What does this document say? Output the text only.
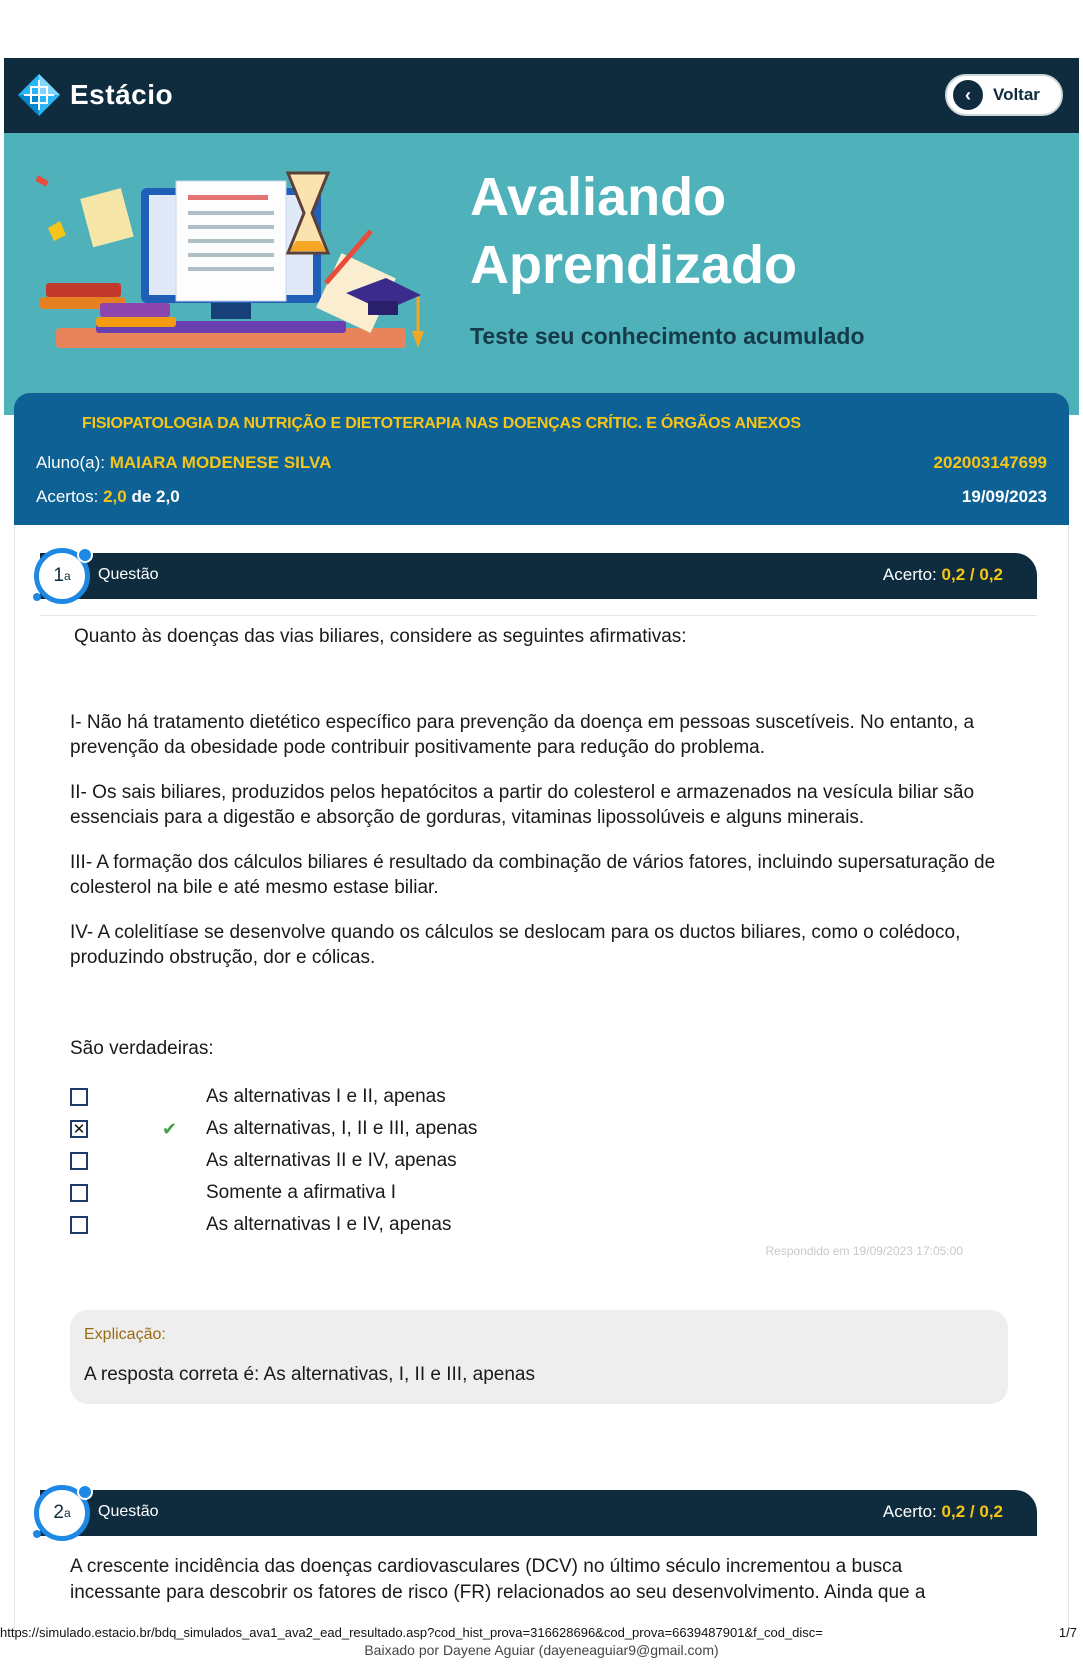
Estácio	‹	Voltar
Avaliando
Aprendizado
Teste seu conhecimento acumulado
FISIOPATOLOGIA DA NUTRIÇÃO E DIETOTERAPIA NAS DOENÇAS CRÍTIC. E ÓRGÃOS ANEXOS
Aluno(a): MAIARA MODENESE SILVA	202003147699
Acertos: 2,0 de 2,0	19/09/2023
Questão	Acerto: 0,2 / 0,2
1 a
Quanto às doenças das vias biliares, considere as seguintes afirmativas:
I- Não há tratamento dietético específico para prevenção da doença em pessoas suscetíveis. No entanto, a prevenção da obesidade pode contribuir positivamente para redução do problema.
II- Os sais biliares, produzidos pelos hepatócitos a partir do colesterol e armazenados na vesícula biliar são essenciais para a digestão e absorção de gorduras, vitaminas lipossolúveis e alguns minerais.
III- A formação dos cálculos biliares é resultado da combinação de vários fatores, incluindo supersaturação de colesterol na bile e até mesmo estase biliar.
IV- A colelitíase se desenvolve quando os cálculos se deslocam para os ductos biliares, como o colédoco, produzindo obstrução, dor e cólicas.
São verdadeiras:
As alternativas I e II, apenas
✕	✔ As alternativas, I, II e III, apenas
As alternativas II e IV, apenas
Somente a afirmativa I
As alternativas I e IV, apenas
Respondido em 19/09/2023 17:05:00
Explicação:
A resposta correta é: As alternativas, I, II e III, apenas
Questão	Acerto: 0,2 / 0,2
2 a
A crescente incidência das doenças cardiovasculares (DCV) no último século incrementou a busca
incessante para descobrir os fatores de risco (FR) relacionados ao seu desenvolvimento. Ainda que a
https://simulado.estacio.br/bdq_simulados_ava1_ava2_ead_resultado.asp?cod_hist_prova=316628696&cod_prova=6639487901&f_cod_disc=	1/7
Baixado por Dayene Aguiar (dayeneaguiar9@gmail.com)
